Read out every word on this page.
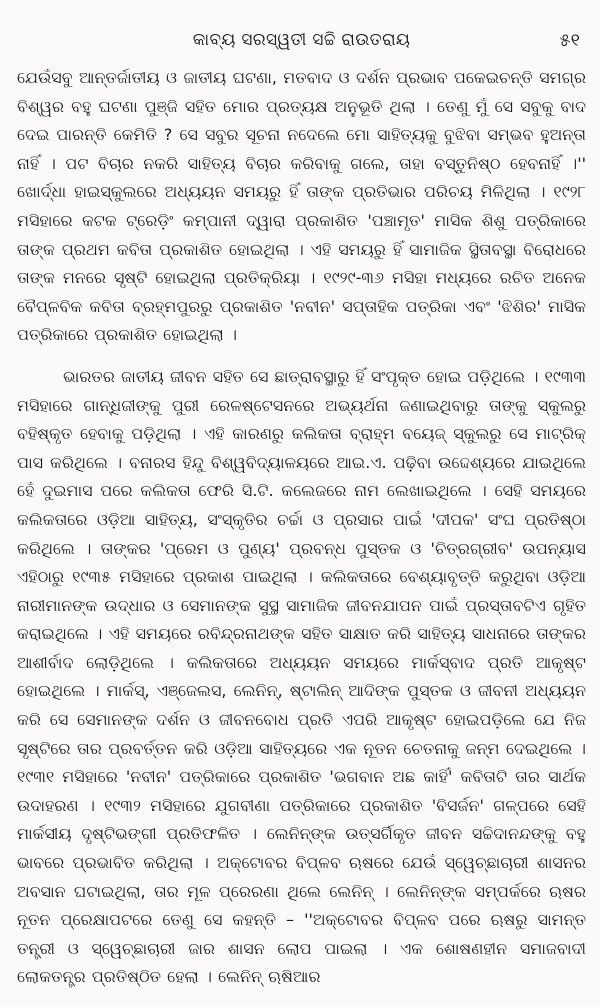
କାବ୍ୟ ସରସ୍ୱତୀ ସଚ୍ଚି ରାଉତରାୟ	୫୧

ଯେଉଁସବୁ ଆନ୍ତର୍ଜାତୀୟ ଓ ଜାତୀୟ ଘଟଣା, ମତବାଦ ଓ ଦର୍ଶନ ପ୍ରଭାବ ପକେଇଚନ୍ତି ସମଗ୍ର ବିଶ୍ୱର ବହୁ ଘଟଣା ପୁଞ୍ଜି ସହିତ ମୋର ପ୍ରତ୍ୟକ୍ଷ ଅନୁଭୂତି ଥିଲା । ତେଣୁ ମୁଁ ସେ ସବୁକୁ ବାଦ ଦେଇ ପାରନ୍ତି କେମିତି ? ସେ ସବୁର ସୂଚନା ନଦେଲେ ମୋ ସାହିତ୍ୟକୁ ବୁଝିବା ସମ୍ଭବ ହୁଅନ୍ତା ନାହିଁ । ପଟ ବିଚାର ନକରି ସାହିତ୍ୟ ବିଚାର କରିବାକୁ ଗଲେ, ତାହା ବସ୍ତୁନିଷ୍ଠ ହେବନାହିଁ ।'' ଖୋର୍ଦ୍ଧା ହାଇସ୍କୁଲରେ ଅଧ୍ୟୟନ ସମୟରୁ ହିଁ ତାଙ୍କ ପ୍ରତିଭାର ପରିଚୟ ମିଳିଥିଲା । ୧୯୨୮ ମସିହାରେ କଟକ ଟ୍ରେଡ଼ିଂ କମ୍ପାନୀ ଦ୍ୱାରା ପ୍ରକାଶିତ 'ପଞ୍ଚାମୃତ' ମାସିକ ଶିଶୁ ପତ୍ରିକାରେ ତାଙ୍କ ପ୍ରଥମ କବିତା ପ୍ରକାଶିତ ହୋଇଥିଲା । ଏହି ସମୟରୁ ହିଁ ସାମାଜିକ ସ୍ଥିତାବସ୍ଥା ବିରୋଧରେ ତାଙ୍କ ମନରେ ସୃଷ୍ଟି ହୋଇଥିଲା ପ୍ରତିକ୍ରିୟା । ୧୯୨୯-୩୬ ମସିହା ମଧ୍ୟରେ ରଚିତ ଅନେକ ବୈପ୍ଳବିକ କବିତା ବ୍ରହ୍ମପୁରରୁ ପ୍ରକାଶିତ 'ନବୀନ' ସପ୍ତାହିକ ପତ୍ରିକା ଏବଂ 'ଝିଶିର' ମାସିକ ପତ୍ରିକାରେ ପ୍ରକାଶିତ ହୋଇଥିଲା ।

ଭାରତର ଜାତୀୟ ଜୀବନ ସହିତ ସେ ଛାତ୍ରାବସ୍ଥାରୁ ହିଁ ସଂପୃକ୍ତ ହୋଇ ପଡ଼ିଥିଲେ । ୧୯୩୩ ମସିହାରେ ଗାନ୍ଧିଜୀଙ୍କୁ ପୁରୀ ରେଳଷ୍ଟେସନରେ ଅଭ୍ୟର୍ଥନା ଜଣାଇଥିବାରୁ ତାଙ୍କୁ ସ୍କୁଲରୁ ବହିଷ୍କୃତ ହେବାକୁ ପଡ଼ିଥିଲା । ଏହି କାରଣରୁ କଲିକତା ବ୍ରାହ୍ମ ବୟେଜ୍ ସ୍କୁଲରୁ ସେ ମାଟ୍ରିକ୍ ପାସ କରିଥିଲେ । ବନାରସ ହିନ୍ଦୁ ବିଶ୍ୱବିଦ୍ୟାଳୟରେ ଆଇ.ଏ. ପଢ଼ିବା ଉଦ୍ଦେଶ୍ୟରେ ଯାଇଥିଲେ ହେଁ ଦୁଇମାସ ପରେ କଲିକତା ଫେରି ସି.ଟି. କଲେଜରେ ନାମ ଲେଖାଇଥିଲେ । ସେହି ସମୟରେ କଲିକତାରେ ଓଡ଼ିଆ ସାହିତ୍ୟ, ସଂସ୍କୃତିର ଚର୍ଚ୍ଚା ଓ ପ୍ରସାର ପାଇଁ 'ଦୀପକ' ସଂଘ ପ୍ରତିଷ୍ଠା କରିଥିଲେ । ତାଙ୍କର 'ପ୍ରେମ ଓ ପୁଣ୍ୟ' ପ୍ରବନ୍ଧ ପୁସ୍ତକ ଓ 'ଚିତ୍ରଗ୍ରୀବ' ଉପନ୍ୟାସ ଏହିଠାରୁ ୧୯୩୫ ମସିହାରେ ପ୍ରକାଶ ପାଇଥିଲା । କଲିକତାରେ ବେଶ୍ୟାବୃତ୍ତି କରୁଥିବା ଓଡ଼ିଆ ନାରୀମାନଙ୍କ ଉଦ୍ଧାର ଓ ସେମାନଙ୍କ ସୁସ୍ଥ ସାମାଜିକ ଜୀବନଯାପନ ପାଇଁ ପ୍ରସ୍ତାବଟିଏ ଗୃହିତ କରାଇଥିଲେ । ଏହି ସମୟରେ ରବିନ୍ଦ୍ରନାଥଙ୍କ ସହିତ ସାକ୍ଷାତ କରି ସାହିତ୍ୟ ସାଧନାରେ ତାଙ୍କର ଆଶୀର୍ବାଦ ଲୋଡ଼ିଥିଲେ । କଲିକତାରେ ଅଧ୍ୟୟନ ସମୟରେ ମାର୍କସ୍‌ବାଦ ପ୍ରତି ଆକୃଷ୍ଟ ହୋଇଥିଲେ । ମାର୍କସ୍, ଏଞ୍ଜେଲସ, ଲେନିନ୍, ଷ୍ଟାଲିନ୍ ଆଦିଙ୍କ ପୁସ୍ତକ ଓ ଜୀବନୀ ଅଧ୍ୟୟନ କରି ସେ ସେମାନଙ୍କ ଦର୍ଶନ ଓ ଜୀବନବୋଧ ପ୍ରତି ଏପରି ଆକୃଷ୍ଟ ହୋଇପଡ଼ିଲେ ଯେ ନିଜ ସୃଷ୍ଟିରେ ତାର ପ୍ରବର୍ତ୍ତନ କରି ଓଡ଼ିଆ ସାହିତ୍ୟରେ ଏକ ନୂତନ ଚେତନାକୁ ଜନ୍ମ ଦେଇଥିଲେ । ୧୯୩୧ ମସିହାରେ 'ନବୀନ' ପତ୍ରିକାରେ ପ୍ରକାଶିତ 'ଭଗବାନ ଅଛ କାହିଁ' କବିତାଟି ତାର ସାର୍ଥକ ଉଦାହରଣ । ୧୯୩୨ ମସିହାରେ ଯୁଗବୀଣା ପତ୍ରିକାରେ ପ୍ରକାଶିତ 'ବିସର୍ଜନ' ଗଳ୍ପରେ ସେହି ମାର୍କସୀୟ ଦୃଷ୍ଟିଭଙ୍ଗୀ ପ୍ରତିଫଳିତ । ଲେନିନ୍‌ଙ୍କ ଉତ୍ସର୍ଗିକୃତ ଜୀବନ ସଚ୍ଚିଦାନନ୍ଦଙ୍କୁ ବହୁ ଭାବରେ ପ୍ରଭାବିତ କରିଥିଲା । ଅକ୍ଟୋବର ବିପ୍ଳବ ଋଷରେ ଯେଉଁ ସ୍ୱେଚ୍ଛାଚାରୀ ଶାସନର ଅବସାନ ଘଟାଇଥିଲା, ତାର ମୂଳ ପ୍ରେରଣା ଥିଲେ ଲେନିନ୍ । ଲେନିନ୍‌ଙ୍କ ସମ୍ପର୍କରେ ଋଷର ନୂତନ ପ୍ରେକ୍ଷାପଟରେ ତେଣୁ ସେ କହନ୍ତି – ''ଅକ୍ଟୋବର ବିପ୍ଳବ ପରେ ଋଷରୁ ସାମନ୍ତ ତନ୍ତ୍ରୀ ଓ ସ୍ୱେଚ୍ଛାଚାରୀ ଜାର ଶାସନ ଲୋପ ପାଇଲା । ଏକ ଶୋଷଣହୀନ ସମାଜବାଦୀ ଲୋକତନ୍ତ୍ର ପ୍ରତିଷ୍ଠିତ ହେଲା । ଲେନିନ୍ ଋଷିଆର
